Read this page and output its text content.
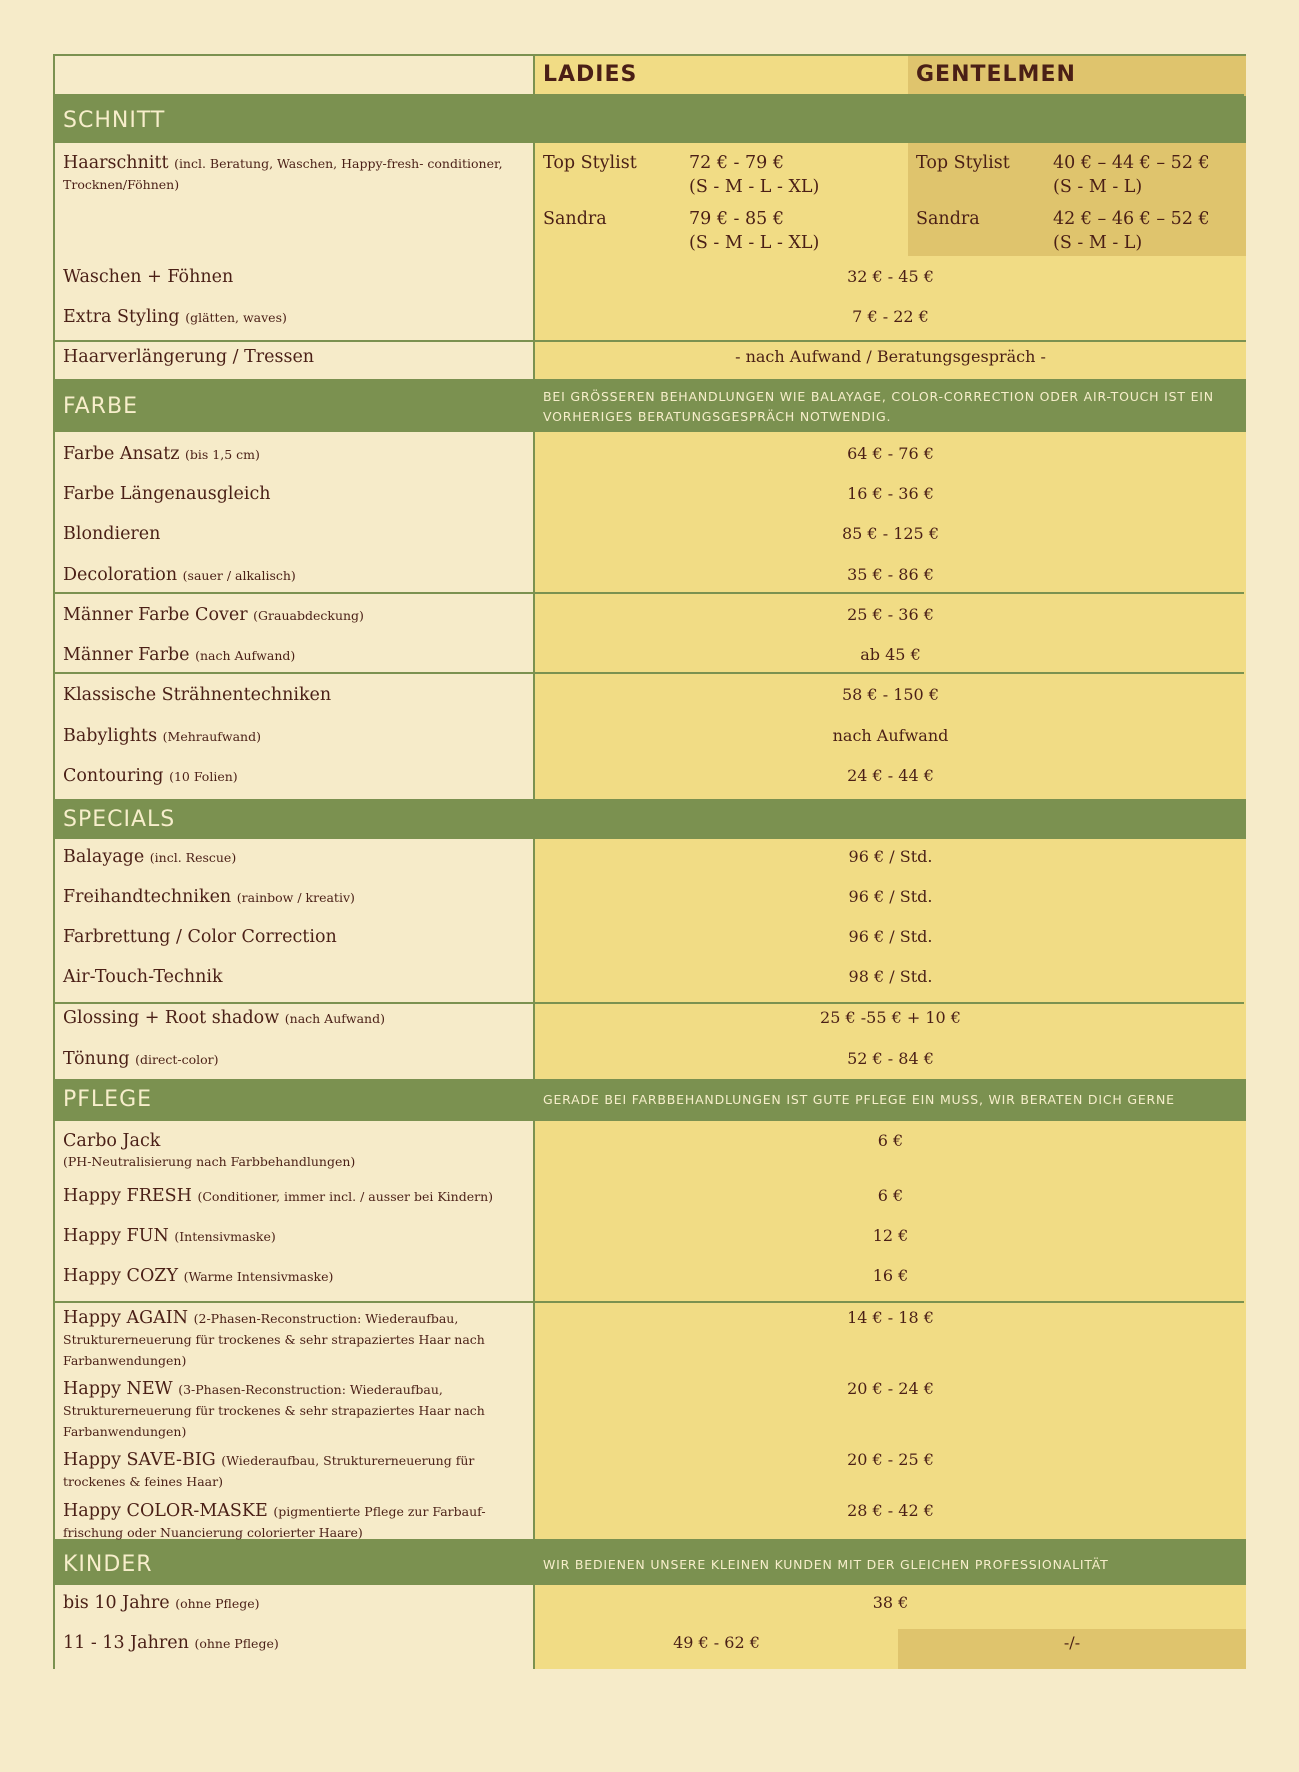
LADIES	GENTELMEN
SCHNITT
Haarschnitt (incl. Beratung, Waschen, Happy-fresh- conditioner, Trocknen/Föhnen)
Top Stylist	72 € - 79 €
(S - M - L - XL)
Sandra	79 € - 85 €
(S - M - L - XL)
Top Stylist 40 € – 44 € – 52 €
(S - M - L)
Sandra	42 € – 46 € – 52 €
(S - M - L)
Waschen + Föhnen	32 € - 45 €
Extra Styling (glätten, waves)	7 € - 22 €
Haarverlängerung / Tressen	- nach Aufwand / Beratungsgespräch -
FARBE	BEI GRÖSSEREN BEHANDLUNGEN WIE BALAYAGE, COLOR-CORRECTION ODER AIR-TOUCH IST EIN VORHERIGES BERATUNGSGESPRÄCH NOTWENDIG.
Farbe Ansatz (bis 1,5 cm)	64 € - 76 €
Farbe Längenausgleich	16 € - 36 €
Blondieren	85 € - 125 €
Decoloration (sauer / alkalisch)	35 € - 86 €
Männer Farbe Cover (Grauabdeckung)	25 € - 36 €
Männer Farbe (nach Aufwand)	ab 45 €
Klassische Strähnentechniken	58 € - 150 €
Babylights (Mehraufwand)	nach Aufwand
Contouring (10 Folien)	24 € - 44 €
SPECIALS
Balayage (incl. Rescue)	96 € / Std.
Freihandtechniken (rainbow / kreativ)	96 € / Std.
Farbrettung / Color Correction	96 € / Std.
Air-Touch-Technik	98 € / Std.
Glossing + Root shadow (nach Aufwand)	25 € -55 € + 10 €
Tönung (direct-color)	52 € - 84 €
PFLEGE	GERADE BEI FARBBEHANDLUNGEN IST GUTE PFLEGE EIN MUSS, WIR BERATEN DICH GERNE
Carbo Jack
(PH-Neutralisierung nach Farbbehandlungen)
6 €
Happy FRESH (Conditioner, immer incl. / ausser bei Kindern)	6 €
Happy FUN (Intensivmaske)	12 €
Happy COZY (Warme Intensivmaske)	16 €
Happy AGAIN (2-Phasen-Reconstruction: Wiederaufbau, Strukturerneuerung für trockenes & sehr strapaziertes Haar nach Farbanwendungen)
14 € - 18 €
Happy NEW (3-Phasen-Reconstruction: Wiederaufbau, Strukturerneuerung für trockenes & sehr strapaziertes Haar nach Farbanwendungen)
20 € - 24 €
Happy SAVE-BIG (Wiederaufbau, Strukturerneuerung für trockenes & feines Haar)
20 € - 25 €
Happy COLOR-MASKE (pigmentierte Pflege zur Farbauf-frischung oder Nuancierung colorierter Haare)
28 € - 42 €
KINDER	WIR BEDIENEN UNSERE KLEINEN KUNDEN MIT DER GLEICHEN PROFESSIONALITÄT
bis 10 Jahre (ohne Pflege)	38 €
11 - 13 Jahren (ohne Pflege)	49 € - 62 €	-/-
